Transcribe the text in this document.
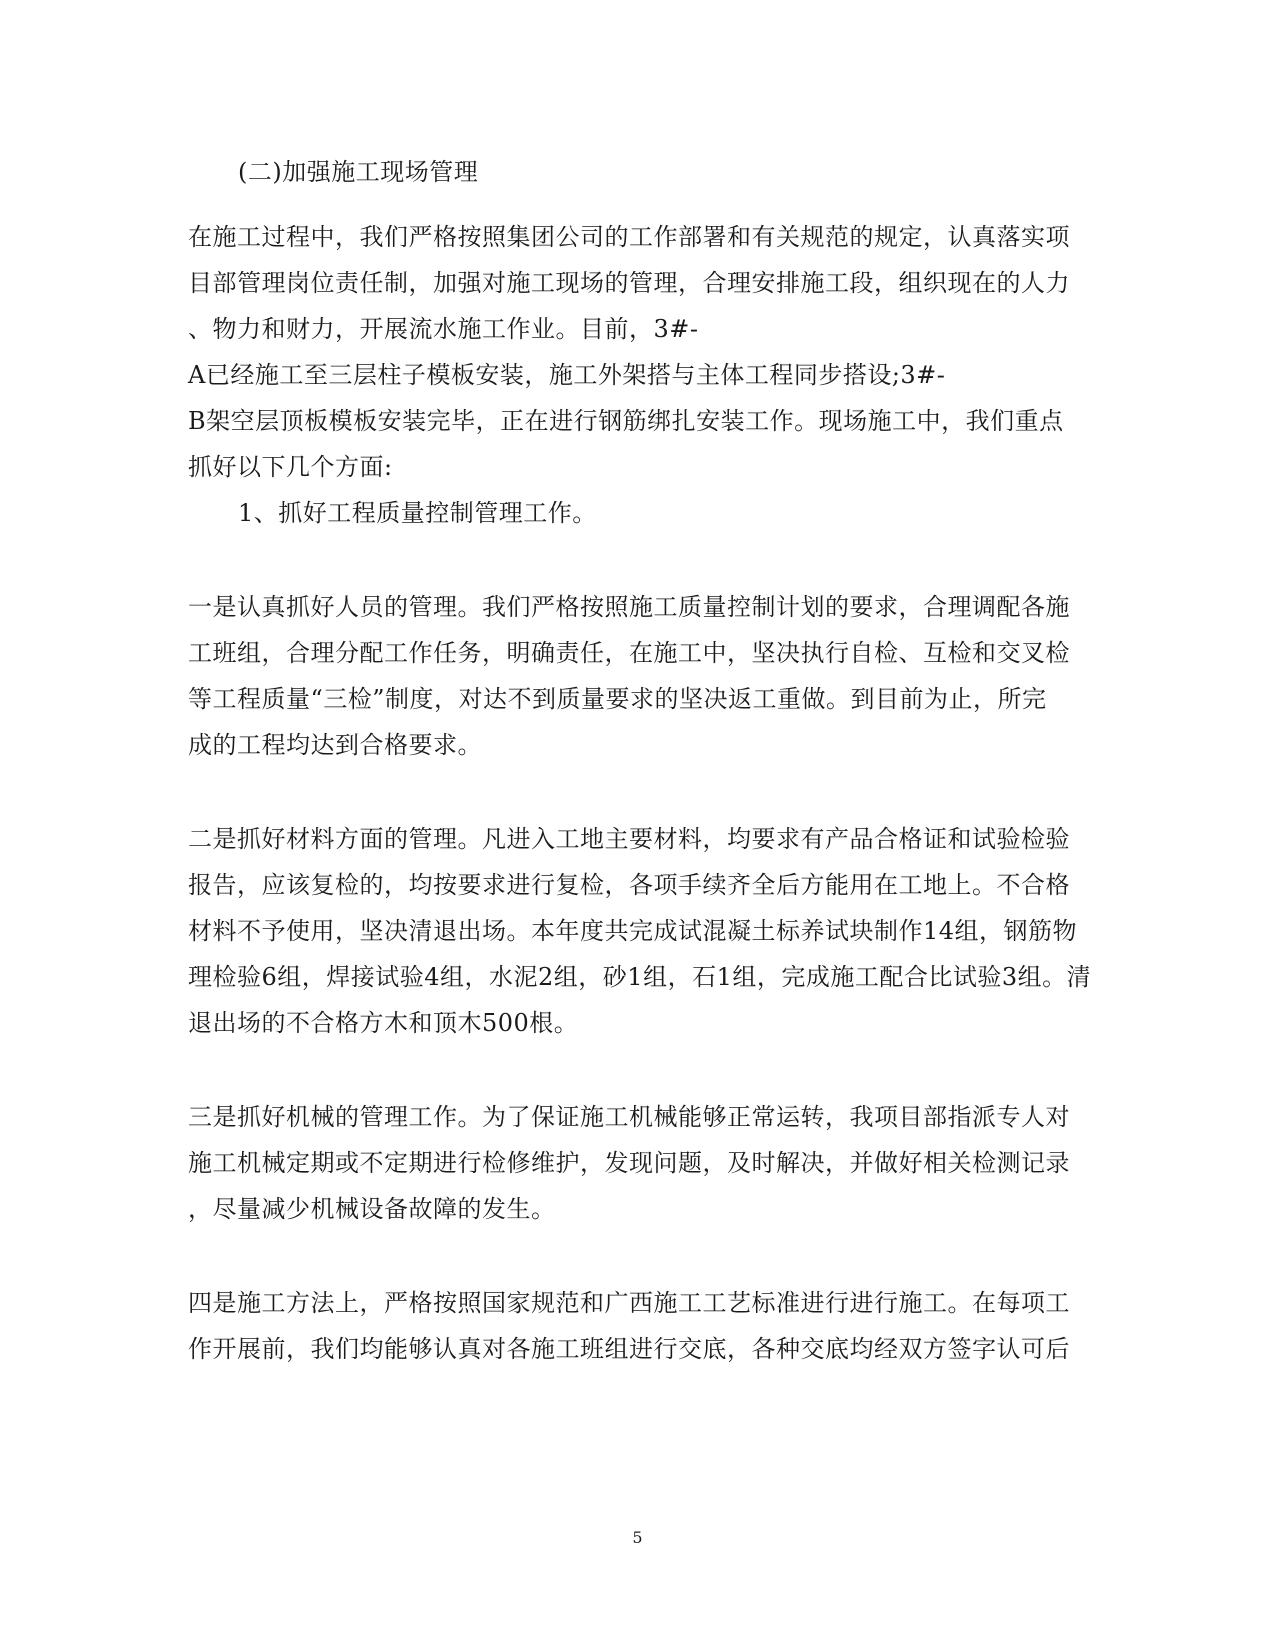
(二)加强施工现场管理
在施工过程中，我们严格按照集团公司的工作部署和有关规范的规定，认真落实项
目部管理岗位责任制，加强对施工现场的管理，合理安排施工段，组织现在的人力
、物力和财力，开展流水施工作业。目前，3#-
A已经施工至三层柱子模板安装，施工外架搭与主体工程同步搭设;3#-
B架空层顶板模板安装完毕，正在进行钢筋绑扎安装工作。现场施工中，我们重点
抓好以下几个方面:
1、抓好工程质量控制管理工作。
一是认真抓好人员的管理。我们严格按照施工质量控制计划的要求，合理调配各施
工班组，合理分配工作任务，明确责任，在施工中，坚决执行自检、互检和交叉检
等工程质量“三检”制度，对达不到质量要求的坚决返工重做。到目前为止，所完
成的工程均达到合格要求。
二是抓好材料方面的管理。凡进入工地主要材料，均要求有产品合格证和试验检验
报告，应该复检的，均按要求进行复检，各项手续齐全后方能用在工地上。不合格
材料不予使用，坚决清退出场。本年度共完成试混凝土标养试块制作14组，钢筋物
理检验6组，焊接试验4组，水泥2组，砂1组，石1组，完成施工配合比试验3组。清
退出场的不合格方木和顶木500根。
三是抓好机械的管理工作。为了保证施工机械能够正常运转，我项目部指派专人对
施工机械定期或不定期进行检修维护，发现问题，及时解决，并做好相关检测记录
，尽量减少机械设备故障的发生。
四是施工方法上，严格按照国家规范和广西施工工艺标准进行进行施工。在每项工
作开展前，我们均能够认真对各施工班组进行交底，各种交底均经双方签字认可后
5
